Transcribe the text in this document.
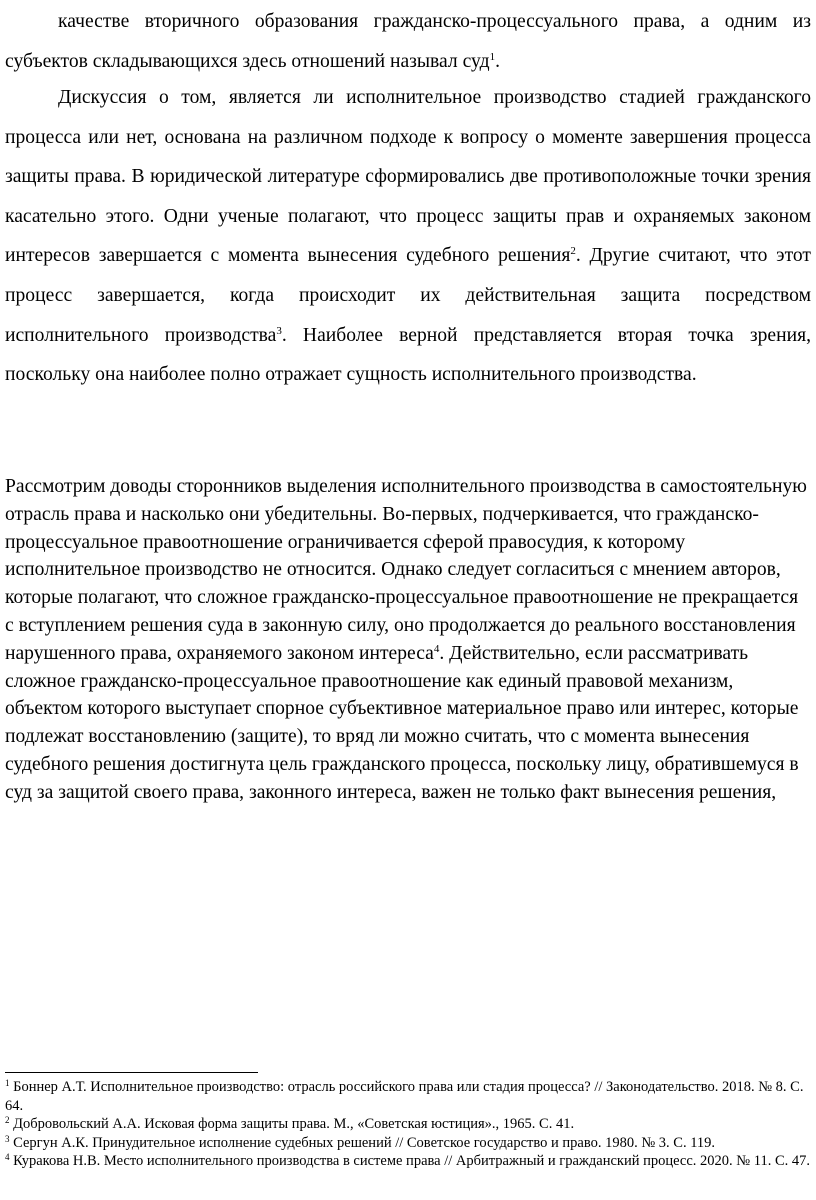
качестве вторичного образования гражданско-процессуального права, а одним из субъектов складывающихся здесь отношений называл суд$^1$.

Дискуссия о том, является ли исполнительное производство стадией гражданского процесса или нет, основана на различном подходе к вопросу о моменте завершения процесса защиты права. В юридической литературе сформировались две противоположные точки зрения касательно этого. Одни ученые полагают, что процесс защиты прав и охраняемых законом интересов завершается с момента вынесения судебного решения$^2$. Другие считают, что этот процесс завершается, когда происходит их действительная защита посредством исполнительного производства$^3$. Наиболее верной представляется вторая точка зрения, поскольку она наиболее полно отражает сущность исполнительного производства.

Рассмотрим доводы сторонников выделения исполнительного производства в самостоятельную отрасль права и насколько они убедительны. Во-первых, подчеркивается, что гражданско-процессуальное правоотношение ограничивается сферой правосудия, к которому исполнительное производство не относится. Однако следует согласиться с мнением авторов, которые полагают, что сложное гражданско-процессуальное правоотношение не прекращается с вступлением решения суда в законную силу, оно продолжается до реального восстановления нарушенного права, охраняемого законом интереса$^4$. Действительно, если рассматривать сложное гражданско-процессуальное правоотношение как единый правовой механизм, объектом которого выступает спорное субъективное материальное право или интерес, которые подлежат восстановлению (защите), то вряд ли можно считать, что с момента вынесения судебного решения достигнута цель гражданского процесса, поскольку лицу, обратившемуся в суд за защитой своего права, законного интереса, важен не только факт вынесения решения,

$^1$ Боннер А.Т. Исполнительное производство: отрасль российского права или стадия процесса? // Законодательство. 2018. № 8. С. 64.

$^2$ Добровольский А.А. Исковая форма защиты права. М., «Советская юстиция»., 1965. С. 41.

$^3$ Сергун А.К. Принудительное исполнение судебных решений // Советское государство и право. 1980. № 3. С. 119.

$^4$ Куракова Н.В. Место исполнительного производства в системе права // Арбитражный и гражданский процесс. 2020. № 11. С. 47.
